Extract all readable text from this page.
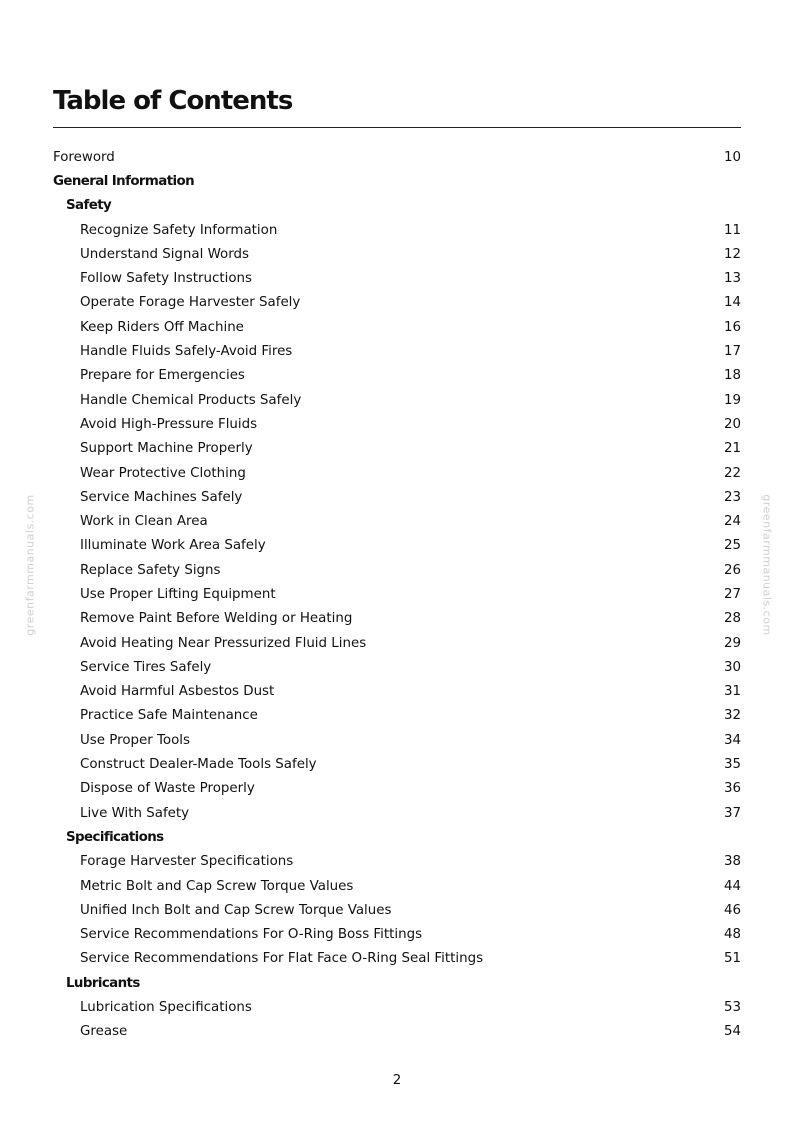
Table of Contents
Foreword	10
General Information
Safety
Recognize Safety Information	11
Understand Signal Words	12
Follow Safety Instructions	13
Operate Forage Harvester Safely	14
Keep Riders Off Machine	16
Handle Fluids Safely-Avoid Fires	17
Prepare for Emergencies	18
Handle Chemical Products Safely	19
Avoid High-Pressure Fluids	20
Support Machine Properly	21
Wear Protective Clothing	22
Service Machines Safely	23
Work in Clean Area	24
Illuminate Work Area Safely	25
Replace Safety Signs	26
Use Proper Lifting Equipment	27
Remove Paint Before Welding or Heating	28
Avoid Heating Near Pressurized Fluid Lines	29
Service Tires Safely	30
Avoid Harmful Asbestos Dust	31
Practice Safe Maintenance	32
Use Proper Tools	34
Construct Dealer-Made Tools Safely	35
Dispose of Waste Properly	36
Live With Safety	37
Specifications
Forage Harvester Specifications	38
Metric Bolt and Cap Screw Torque Values	44
Unified Inch Bolt and Cap Screw Torque Values	46
Service Recommendations For O-Ring Boss Fittings	48
Service Recommendations For Flat Face O-Ring Seal Fittings	51
Lubricants
Lubrication Specifications	53
Grease	54
greenfarmmanuals.com	greenfarmmanuals.com
2
